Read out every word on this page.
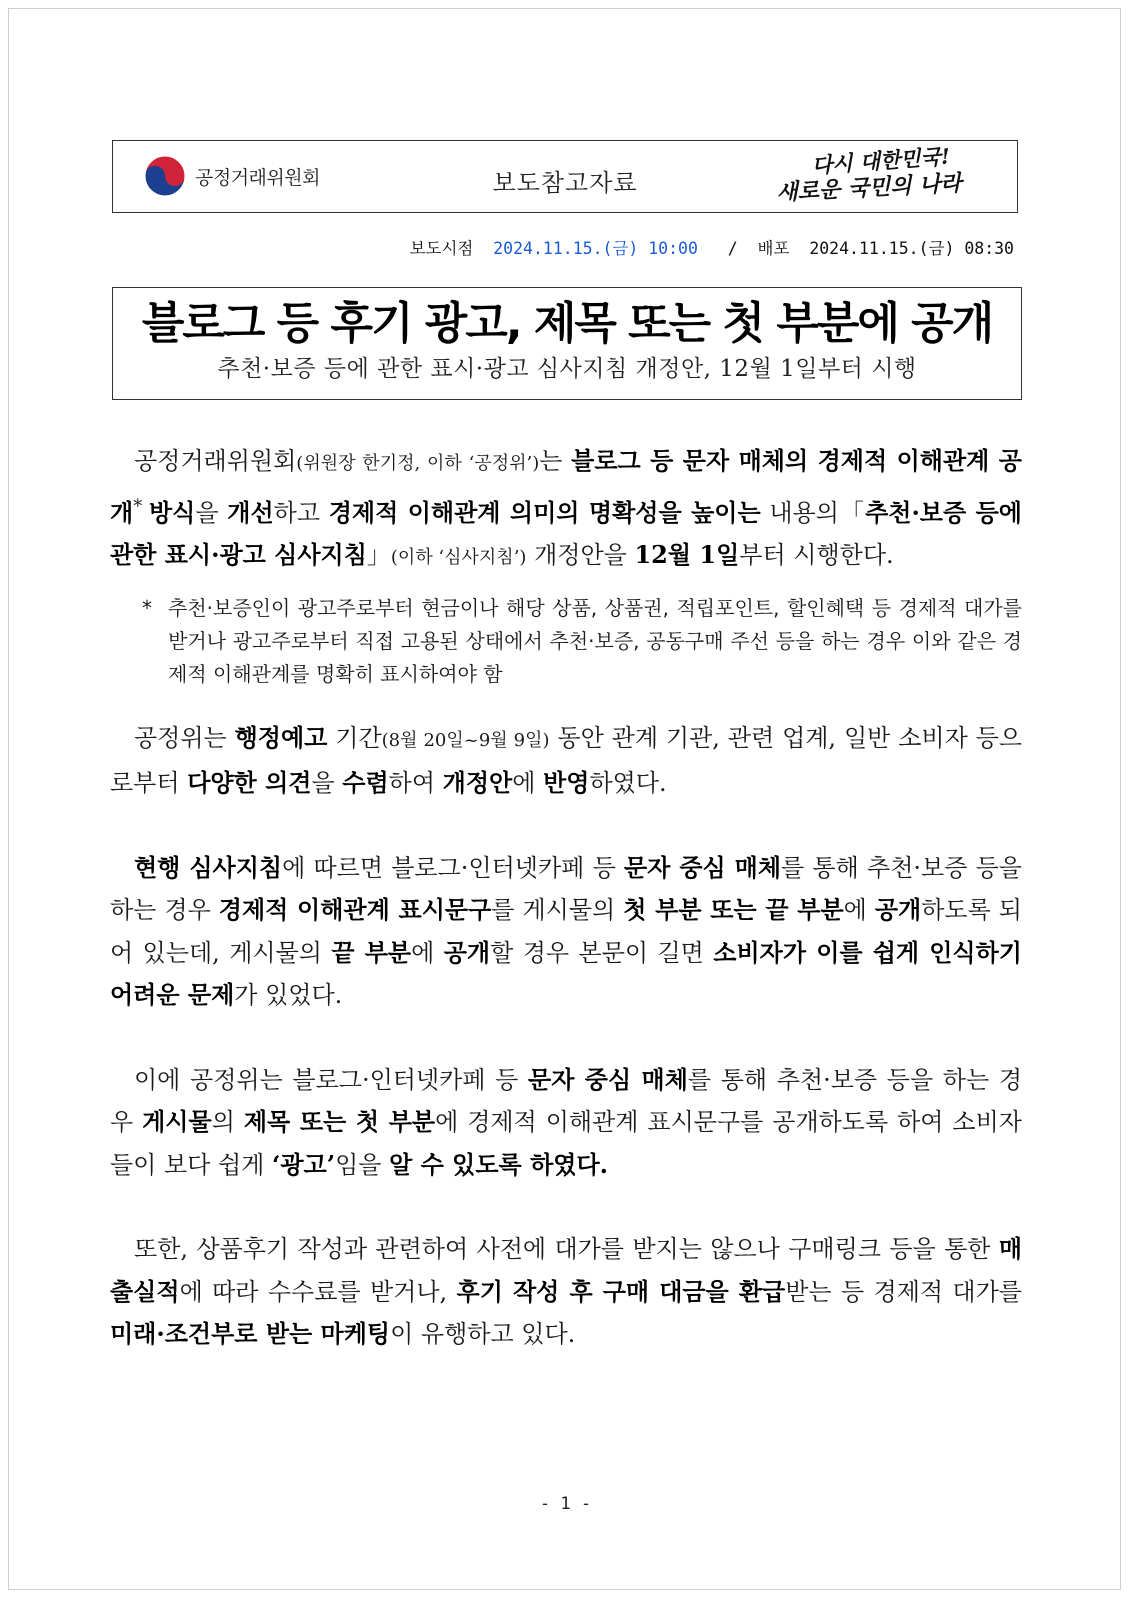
공정거래위원회	보도참고자료
다시 대한민국!
새로운 국민의 나라
보도시점 2024.11.15.(금) 10:00 / 배포 2024.11.15.(금) 08:30
블로그 등 후기 광고, 제목 또는 첫 부분에 공개
추천·보증 등에 관한 표시·광고 심사지침 개정안, 12월 1일부터 시행

공정거래위원회(위원장 한기정, 이하 ‘공정위’)는 블로그 등 문자 매체의 경제적 이해관계 공개* 방식을 개선하고 경제적 이해관계 의미의 명확성을 높이는 내용의「추천·보증 등에 관한 표시·광고 심사지침」(이하 ‘심사지침’) 개정안을 12월 1일부터 시행한다.

* 추천·보증인이 광고주로부터 현금이나 해당 상품, 상품권, 적립포인트, 할인혜택 등 경제적 대가를 받거나 광고주로부터 직접 고용된 상태에서 추천·보증, 공동구매 주선 등을 하는 경우 이와 같은 경제적 이해관계를 명확히 표시하여야 함

공정위는 행정예고 기간(8월 20일~9월 9일) 동안 관계 기관, 관련 업계, 일반 소비자 등으로부터 다양한 의견을 수렴하여 개정안에 반영하였다.

현행 심사지침에 따르면 블로그·인터넷카페 등 문자 중심 매체를 통해 추천·보증 등을 하는 경우 경제적 이해관계 표시문구를 게시물의 첫 부분 또는 끝 부분에 공개하도록 되어 있는데, 게시물의 끝 부분에 공개할 경우 본문이 길면 소비자가 이를 쉽게 인식하기 어려운 문제가 있었다.

이에 공정위는 블로그·인터넷카페 등 문자 중심 매체를 통해 추천·보증 등을 하는 경우 게시물의 제목 또는 첫 부분에 경제적 이해관계 표시문구를 공개하도록 하여 소비자들이 보다 쉽게 ‘광고’임을 알 수 있도록 하였다.

또한, 상품후기 작성과 관련하여 사전에 대가를 받지는 않으나 구매링크 등을 통한 매출실적에 따라 수수료를 받거나, 후기 작성 후 구매 대금을 환급받는 등 경제적 대가를 미래·조건부로 받는 마케팅이 유행하고 있다.

- 1 -
